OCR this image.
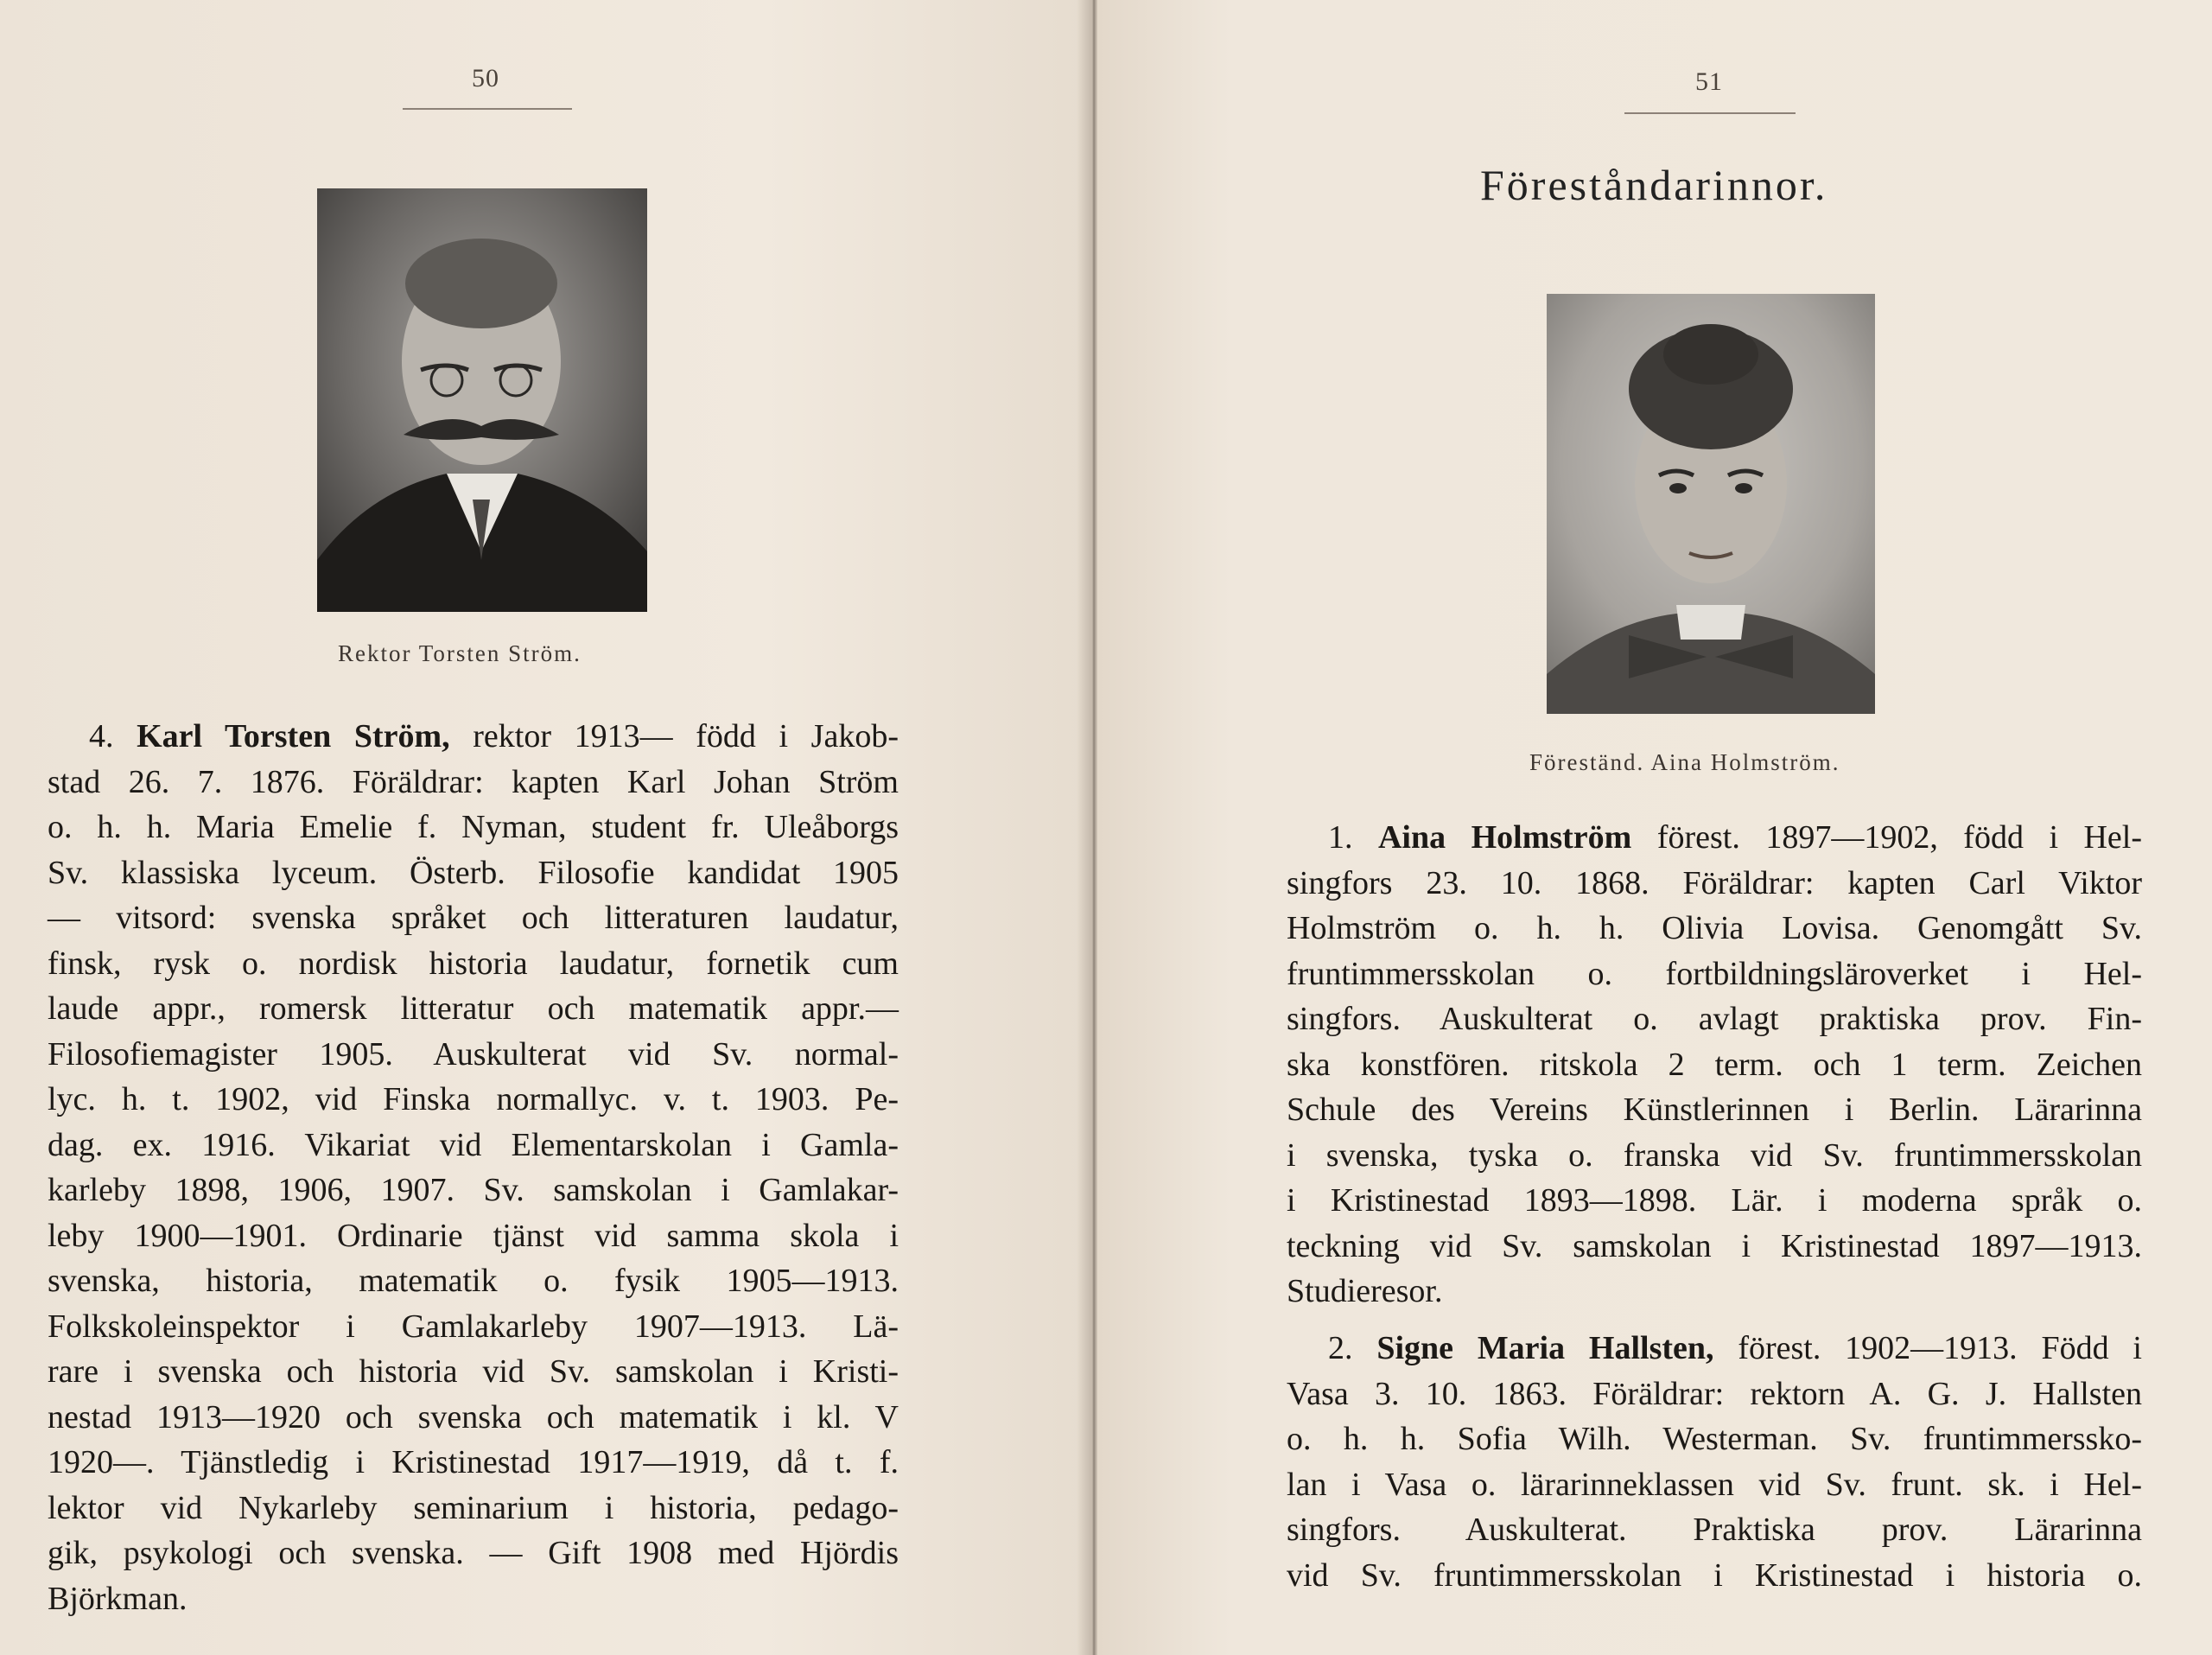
50
Rektor Torsten Ström.

4. Karl Torsten Ström, rektor 1913— född i Jakob-

stad 26. 7. 1876. Föräldrar: kapten Karl Johan Ström

o. h. h. Maria Emelie f. Nyman, student fr. Uleåborgs

Sv. klassiska lyceum. Österb. Filosofie kandidat 1905

— vitsord: svenska språket och litteraturen laudatur,

finsk, rysk o. nordisk historia laudatur, fornetik cum

laude appr., romersk litteratur och matematik appr.—

Filosofiemagister 1905. Auskulterat vid Sv. normal-

lyc. h. t. 1902, vid Finska normallyc. v. t. 1903. Pe-

dag. ex. 1916. Vikariat vid Elementarskolan i Gamla-

karleby 1898, 1906, 1907. Sv. samskolan i Gamlakar-

leby 1900—1901. Ordinarie tjänst vid samma skola i

svenska, historia, matematik o. fysik 1905—1913.

Folkskoleinspektor i Gamlakarleby 1907—1913. Lä-

rare i svenska och historia vid Sv. samskolan i Kristi-

nestad 1913—1920 och svenska och matematik i kl. V

1920—. Tjänstledig i Kristinestad 1917—1919, då t. f.

lektor vid Nykarleby seminarium i historia, pedago-

gik, psykologi och svenska. — Gift 1908 med Hjördis

Björkman.

51
Föreståndarinnor.
Föreständ. Aina Holmström.

1. Aina Holmström förest. 1897—1902, född i Hel-

singfors 23. 10. 1868. Föräldrar: kapten Carl Viktor

Holmström o. h. h. Olivia Lovisa. Genomgått Sv.

fruntimmersskolan o. fortbildningsläroverket i Hel-

singfors. Auskulterat o. avlagt praktiska prov. Fin-

ska konstfören. ritskola 2 term. och 1 term. Zeichen

Schule des Vereins Künstlerinnen i Berlin. Lärarinna

i svenska, tyska o. franska vid Sv. fruntimmersskolan

i Kristinestad 1893—1898. Lär. i moderna språk o.

teckning vid Sv. samskolan i Kristinestad 1897—1913.

Studieresor.

2. Signe Maria Hallsten, förest. 1902—1913. Född i

Vasa 3. 10. 1863. Föräldrar: rektorn A. G. J. Hallsten

o. h. h. Sofia Wilh. Westerman. Sv. fruntimmerssko-

lan i Vasa o. lärarinneklassen vid Sv. frunt. sk. i Hel-

singfors. Auskulterat. Praktiska prov. Lärarinna

vid Sv. fruntimmersskolan i Kristinestad i historia o.
